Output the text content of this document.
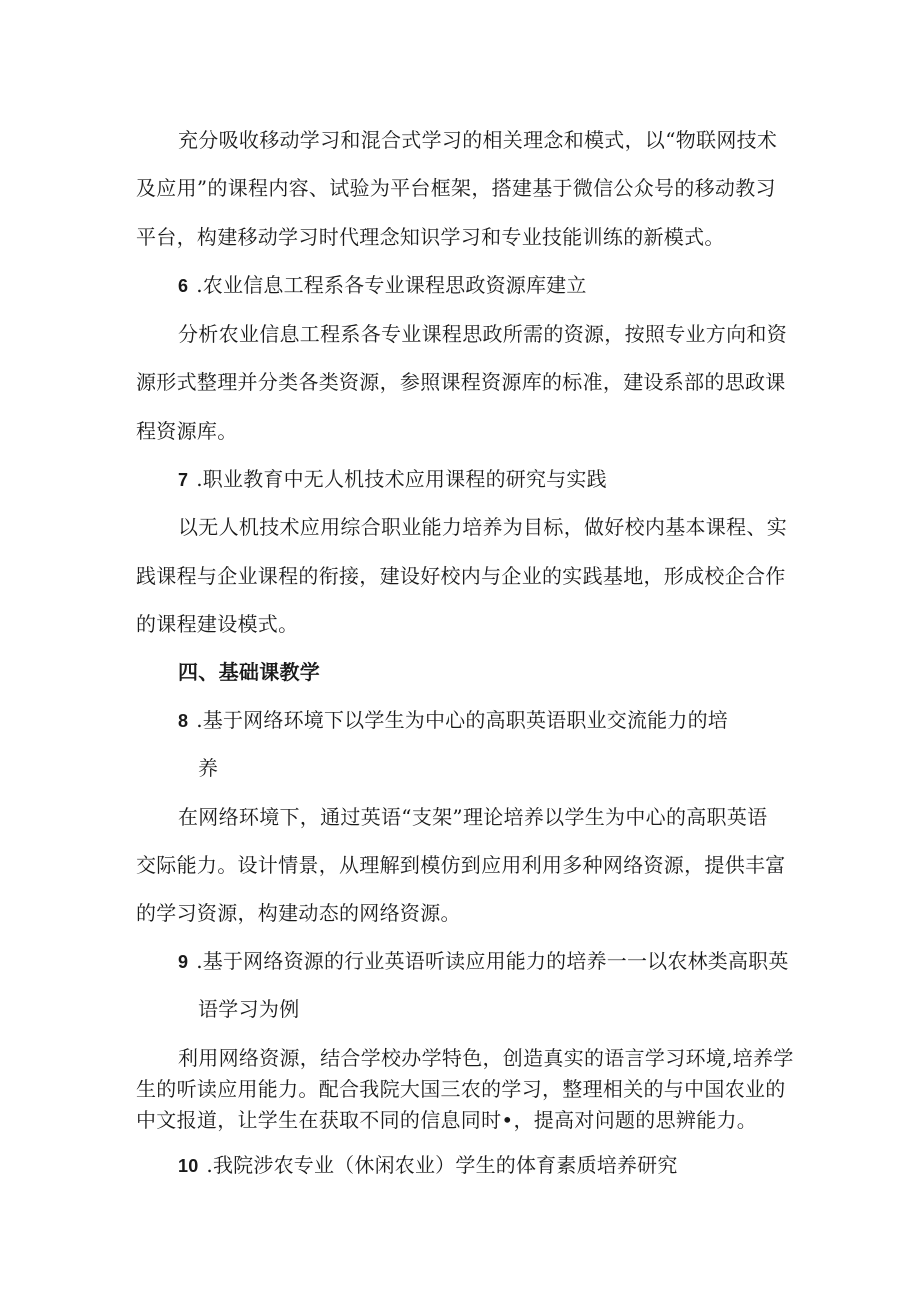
充分吸收移动学习和混合式学习的相关理念和模式，以“物联网技术
及应用”的课程内容、试验为平台框架，搭建基于微信公众号的移动教习
平台，构建移动学习时代理念知识学习和专业技能训练的新模式。
6 .农业信息工程系各专业课程思政资源库建立
分析农业信息工程系各专业课程思政所需的资源，按照专业方向和资
源形式整理并分类各类资源，参照课程资源库的标准，建设系部的思政课
程资源库。
7 .职业教育中无人机技术应用课程的研究与实践
以无人机技术应用综合职业能力培养为目标，做好校内基本课程、实
践课程与企业课程的衔接，建设好校内与企业的实践基地，形成校企合作
的课程建设模式。
四、基础课教学
8 .基于网络环境下以学生为中心的高职英语职业交流能力的培
养
在网络环境下，通过英语“支架”理论培养以学生为中心的高职英语
交际能力。设计情景，从理解到模仿到应用利用多种网络资源，提供丰富
的学习资源，构建动态的网络资源。
9 .基于网络资源的行业英语听读应用能力的培养一一以农林类高职英
语学习为例
利用网络资源，结合学校办学特色，创造真实的语言学习环境,培养学
生的听读应用能力。配合我院大国三农的学习，整理相关的与中国农业的
中文报道，让学生在获取不同的信息同时•，提高对问题的思辨能力。
10 .我院涉农专业（休闲农业）学生的体育素质培养研究
